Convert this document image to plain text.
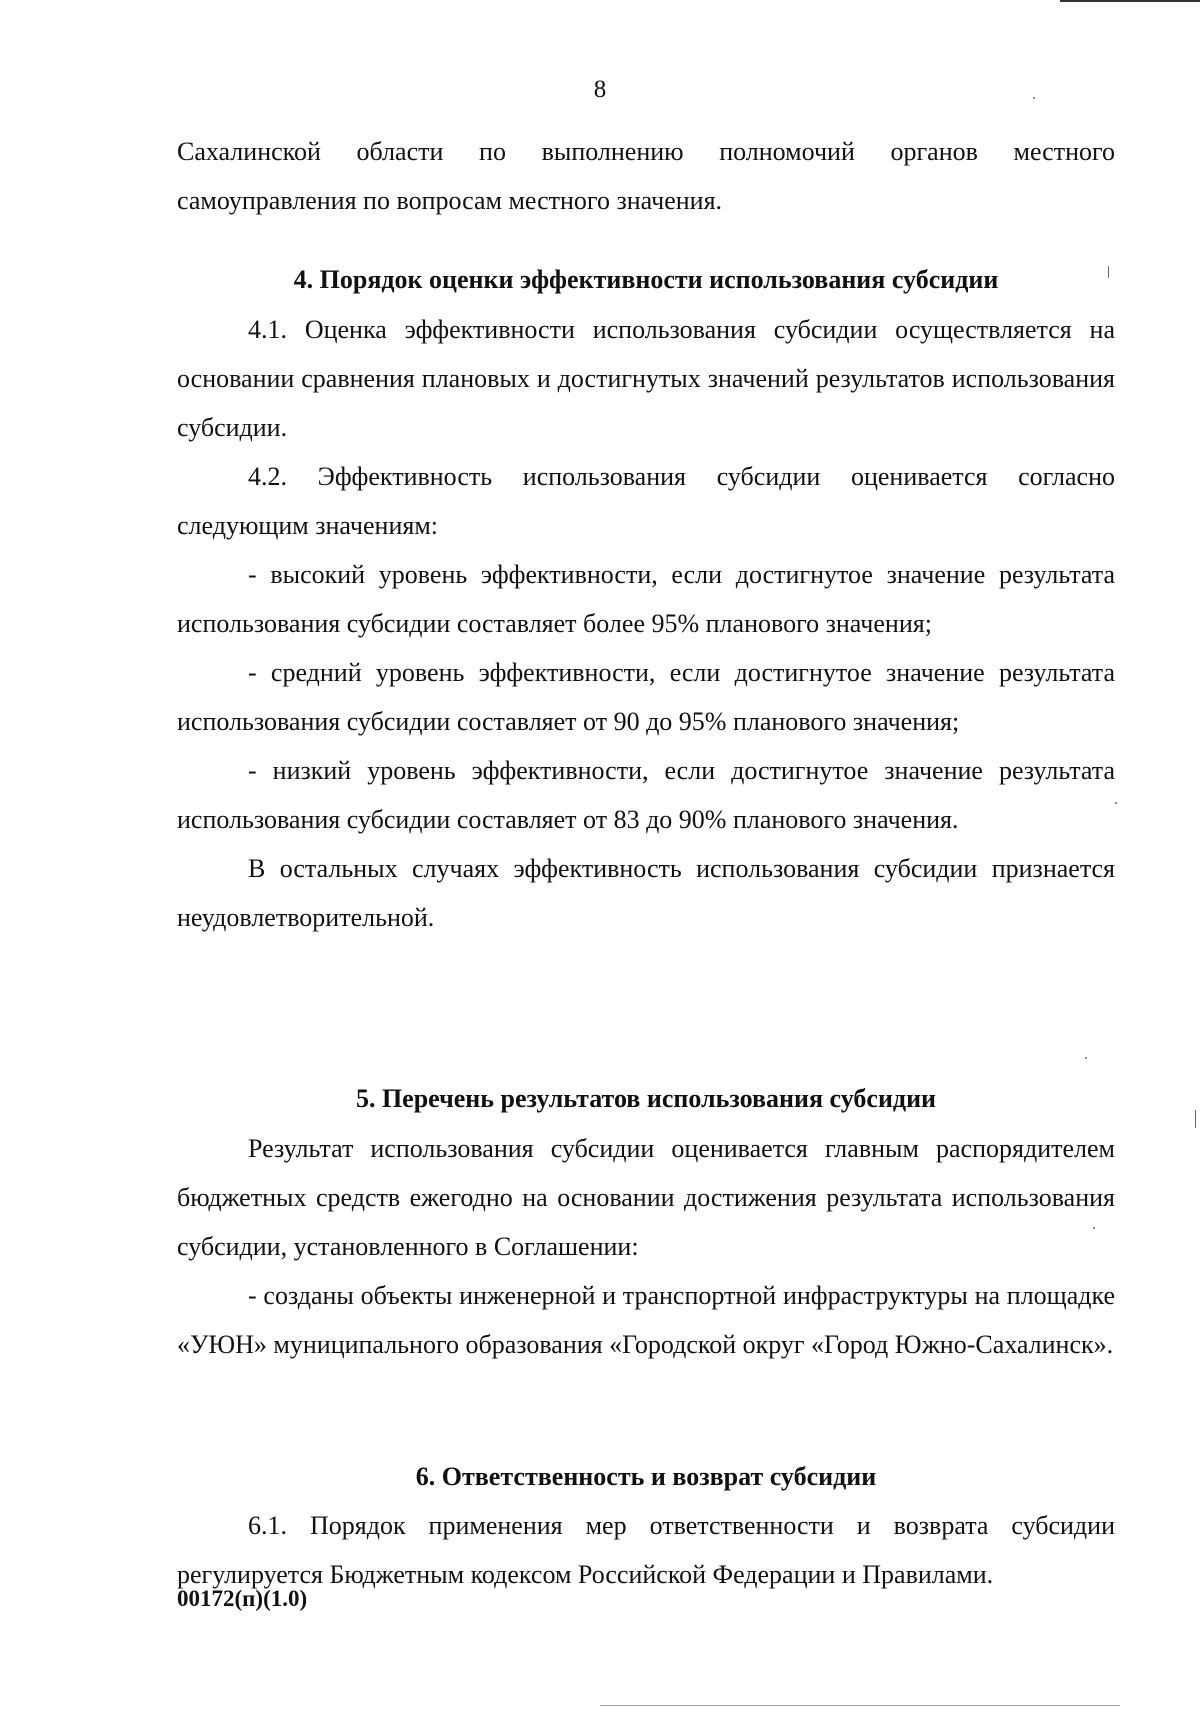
8

Сахалинской области по выполнению полномочий органов местного самоуправления по вопросам местного значения.

4. Порядок оценки эффективности использования субсидии

4.1. Оценка эффективности использования субсидии осуществляется на основании сравнения плановых и достигнутых значений результатов использования субсидии.

4.2. Эффективность использования субсидии оценивается согласно следующим значениям:

- высокий уровень эффективности, если достигнутое значение результата использования субсидии составляет более 95% планового значения;

- средний уровень эффективности, если достигнутое значение результата использования субсидии составляет от 90 до 95% планового значения;

- низкий уровень эффективности, если достигнутое значение результата использования субсидии составляет от 83 до 90% планового значения.

В остальных случаях эффективность использования субсидии признается неудовлетворительной.

5. Перечень результатов использования субсидии

Результат использования субсидии оценивается главным распорядителем бюджетных средств ежегодно на основании достижения результата использования субсидии, установленного в Соглашении:

- созданы объекты инженерной и транспортной инфраструктуры на площадке «УЮН» муниципального образования «Городской округ «Город Южно-Сахалинск».

6. Ответственность и возврат субсидии

6.1. Порядок применения мер ответственности и возврата субсидии регулируется Бюджетным кодексом Российской Федерации и Правилами.

00172(п)(1.0)
